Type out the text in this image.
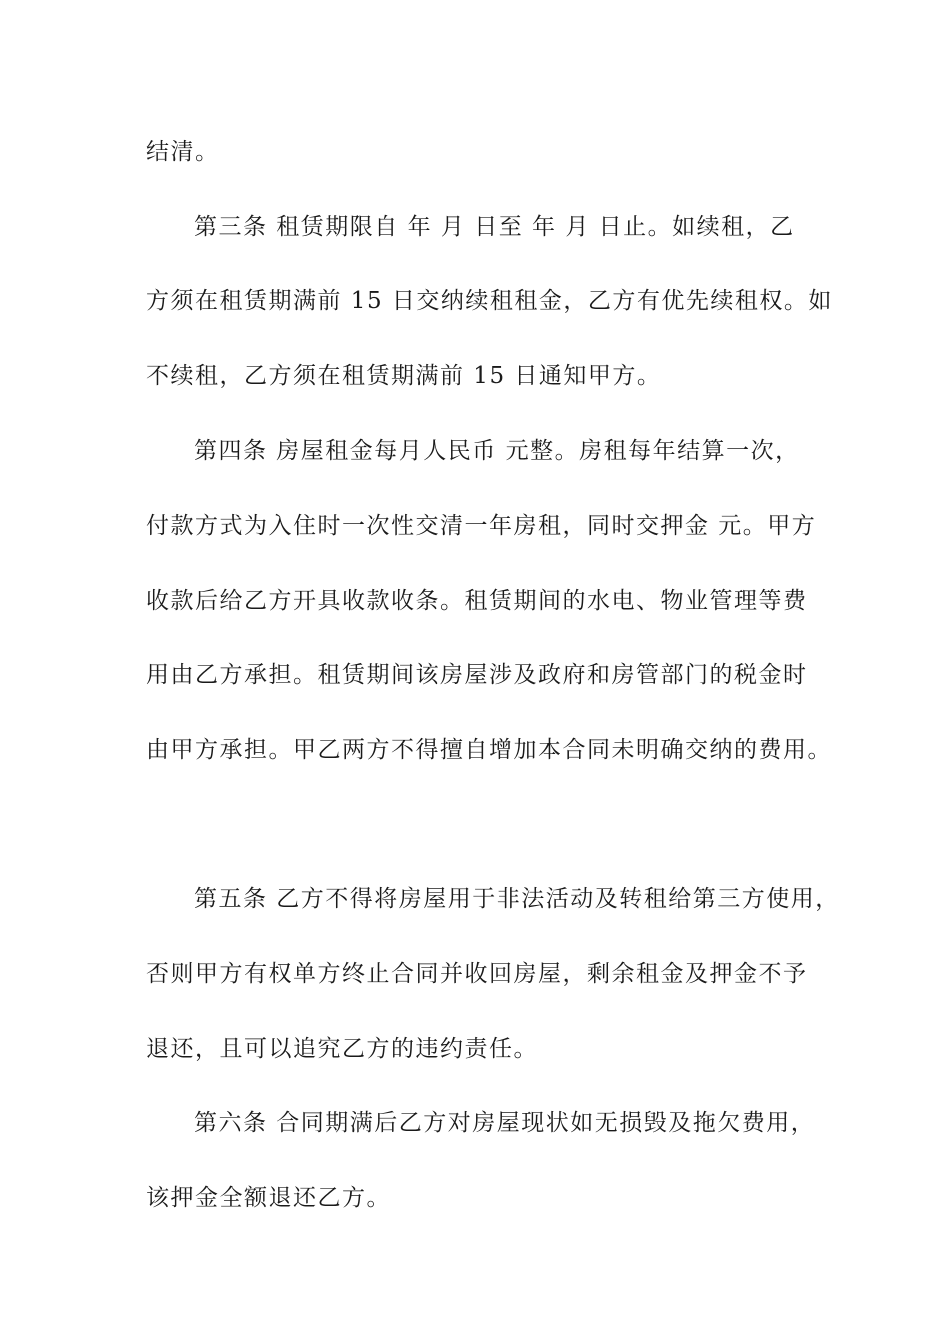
结清。
第三条 租赁期限自 年 月 日至 年 月 日止。如续租，乙
方须在租赁期满前 15 日交纳续租租金，乙方有优先续租权。如
不续租，乙方须在租赁期满前 15 日通知甲方。
第四条 房屋租金每月人民币 元整。房租每年结算一次，
付款方式为入住时一次性交清一年房租，同时交押金 元。甲方
收款后给乙方开具收款收条。租赁期间的水电、物业管理等费
用由乙方承担。租赁期间该房屋涉及政府和房管部门的税金时
由甲方承担。甲乙两方不得擅自增加本合同未明确交纳的费用。
第五条 乙方不得将房屋用于非法活动及转租给第三方使用，
否则甲方有权单方终止合同并收回房屋，剩余租金及押金不予
退还，且可以追究乙方的违约责任。
第六条 合同期满后乙方对房屋现状如无损毁及拖欠费用，
该押金全额退还乙方。
